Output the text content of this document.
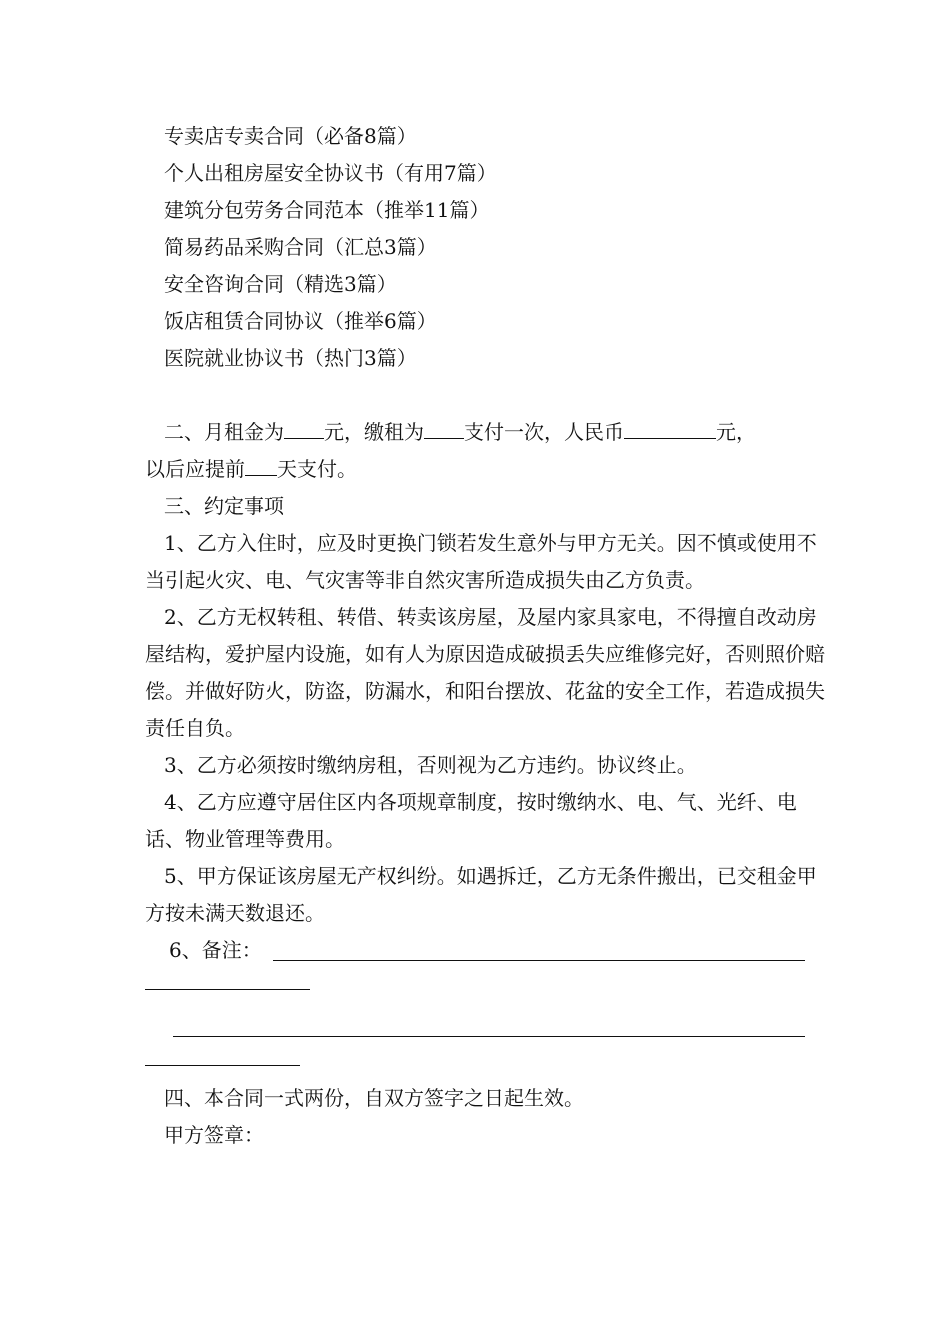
专卖店专卖合同（必备8篇）
个人出租房屋安全协议书（有用7篇）
建筑分包劳务合同范本（推举11篇）
简易药品采购合同（汇总3篇）
安全咨询合同（精选3篇）
饭店租赁合同协议（推举6篇）
医院就业协议书（热门3篇）

二、月租金为 元，缴租为 支付一次，人民币	元，
以后应提前 天支付。

三、约定事项

1、乙方入住时，应及时更换门锁若发生意外与甲方无关。因不慎或使用不当引起火灾、电、气灾害等非自然灾害所造成损失由乙方负责。

2、乙方无权转租、转借、转卖该房屋，及屋内家具家电，不得擅自改动房屋结构，爱护屋内设施，如有人为原因造成破损丢失应维修完好，否则照价赔偿。并做好防火，防盗，防漏水，和阳台摆放、花盆的安全工作，若造成损失责任自负。

3、乙方必须按时缴纳房租，否则视为乙方违约。协议终止。

4、乙方应遵守居住区内各项规章制度，按时缴纳水、电、气、光纤、电话、物业管理等费用。

5、甲方保证该房屋无产权纠纷。如遇拆迁，乙方无条件搬出，已交租金甲方按未满天数退还。

6、备注：

四、本合同一式两份，自双方签字之日起生效。

甲方签章：
